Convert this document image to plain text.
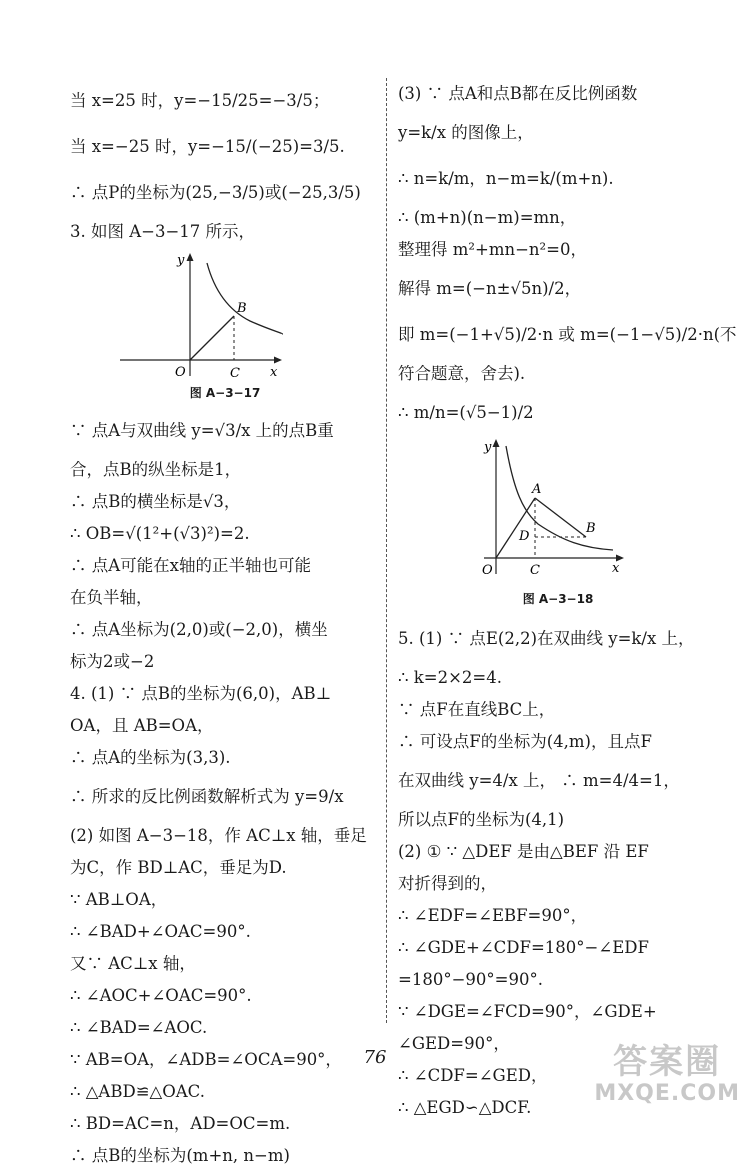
当 x=25 时，y=−15/25=−3/5；
当 x=−25 时，y=−15/(−25)=3/5.
∴ 点P的坐标为(25,−3/5)或(−25,3/5)
3. 如图 A−3−17 所示，
y
x
O
B
C
图 A−3−17
∵ 点A与双曲线 y=√3/x 上的点B重
合，点B的纵坐标是1，
∴ 点B的横坐标是√3，
∴ OB=√(1²+(√3)²)=2.
∴ 点A可能在x轴的正半轴也可能
在负半轴，
∴ 点A坐标为(2,0)或(−2,0)，横坐
标为2或−2
4. (1) ∵ 点B的坐标为(6,0)，AB⊥
OA，且 AB=OA，
∴ 点A的坐标为(3,3).
∴ 所求的反比例函数解析式为 y=9/x
(2) 如图 A−3−18，作 AC⊥x 轴，垂足
为C，作 BD⊥AC，垂足为D.
∵ AB⊥OA，
∴ ∠BAD+∠OAC=90°.
又∵ AC⊥x 轴，
∴ ∠AOC+∠OAC=90°.
∴ ∠BAD=∠AOC.
∵ AB=OA，∠ADB=∠OCA=90°，
∴ △ABD≌△OAC.
∴ BD=AC=n，AD=OC=m.
∴ 点B的坐标为(m+n, n−m)
(3) ∵ 点A和点B都在反比例函数
y=k/x 的图像上，
∴ n=k/m，n−m=k/(m+n).
∴ (m+n)(n−m)=mn，
整理得 m²+mn−n²=0，
解得 m=(−n±√5n)/2，
即 m=(−1+√5)/2·n 或 m=(−1−√5)/2·n(不
符合题意，舍去).
∴ m/n=(√5−1)/2
y
x
O
A
B
C
D
图 A−3−18
5. (1) ∵ 点E(2,2)在双曲线 y=k/x 上，
∴ k=2×2=4.
∵ 点F在直线BC上，
∴ 可设点F的坐标为(4,m)，且点F
在双曲线 y=4/x 上， ∴ m=4/4=1，
所以点F的坐标为(4,1)
(2) ① ∵ △DEF 是由△BEF 沿 EF
对折得到的，
∴ ∠EDF=∠EBF=90°，
∴ ∠GDE+∠CDF=180°−∠EDF
=180°−90°=90°.
∵ ∠DGE=∠FCD=90°，∠GDE+
∠GED=90°，
∴ ∠CDF=∠GED，
∴ △EGD∽△DCF.
76	答案圈
MXQE.COM
